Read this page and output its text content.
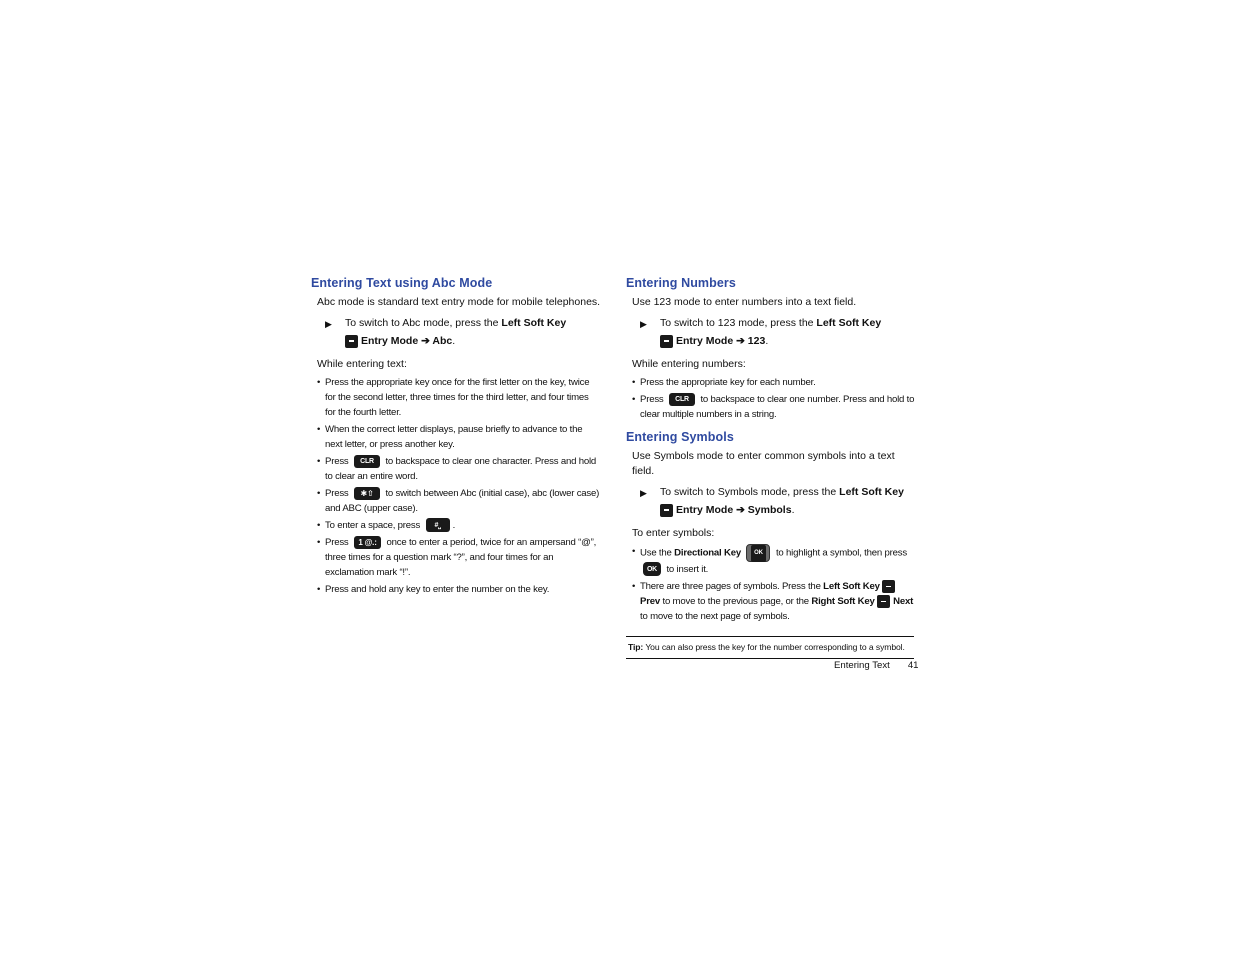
Entering Text using Abc Mode

Abc mode is standard text entry mode for mobile telephones.

▶ To switch to Abc mode, press the Left Soft Key
Entry Mode ➔ Abc .

While entering text:

• Press the appropriate key once for the first letter on the key, twice for the second letter, three times for the third letter, and four times for the fourth letter.
• When the correct letter displays, pause briefly to advance to the next letter, or press another key.
• Press CLR to backspace to clear one character. Press and hold to clear an entire word.
• Press ✱⇧ to switch between Abc (initial case), abc (lower case) and ABC (upper case).
• To enter a space, press #⎵ .
• Press 1 @.: once to enter a period, twice for an ampersand “@”, three times for a question mark “?”, and four times for an exclamation mark “!”.
• Press and hold any key to enter the number on the key.
Entering Numbers

Use 123 mode to enter numbers into a text field.

▶ To switch to 123 mode, press the Left Soft Key
Entry Mode ➔ 123 .

While entering numbers:

• Press the appropriate key for each number.
• Press CLR to backspace to clear one number. Press and hold to clear multiple numbers in a string.
Entering Symbols

Use Symbols mode to enter common symbols into a text field.

▶ To switch to Symbols mode, press the Left Soft Key
Entry Mode ➔ Symbols .

To enter symbols:

• Use the Directional Key	OK	to highlight a symbol, then press OK to insert it.
• There are three pages of symbols. Press the Left Soft Key Prev to move to the previous page, or the Right Soft Key Next to move to the next page of symbols.
Tip: You can also press the key for the number corresponding to a symbol.
Entering Text 41
